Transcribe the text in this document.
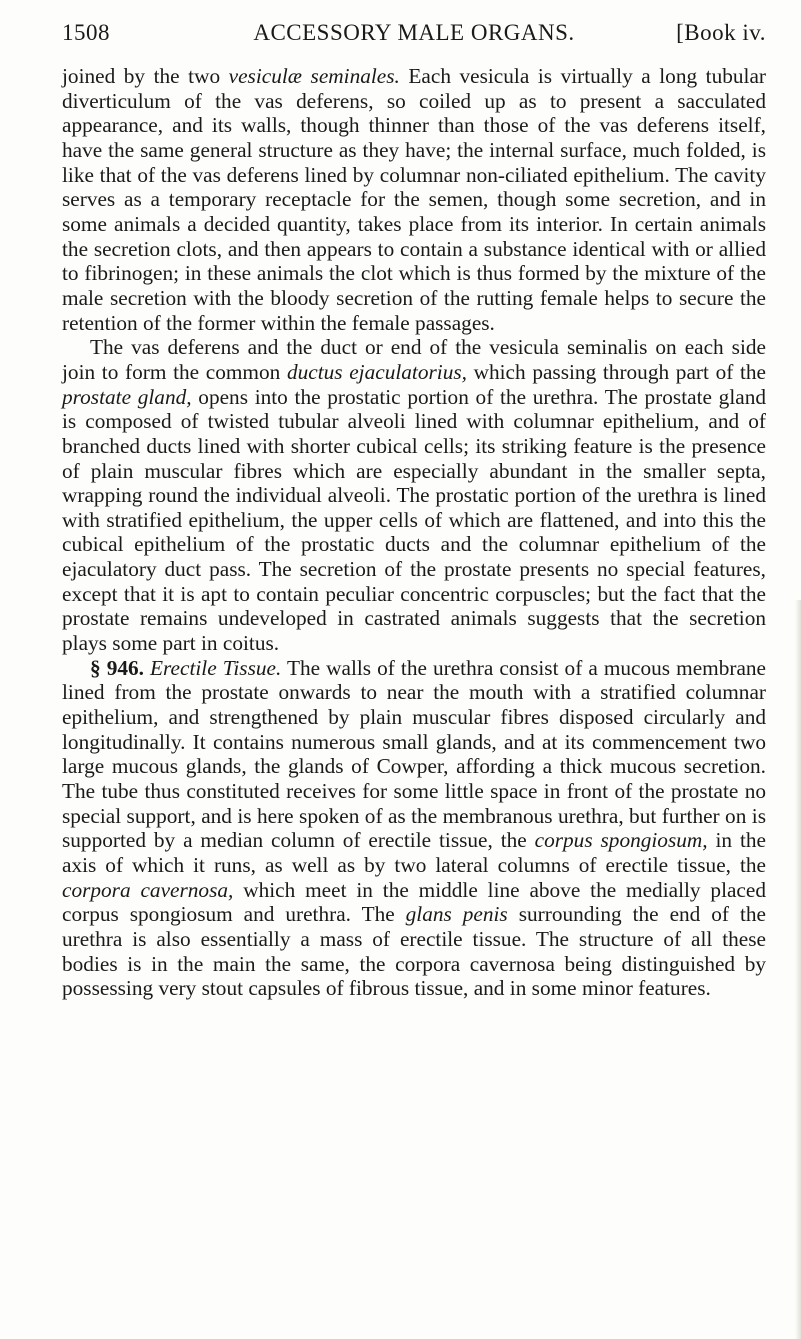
1508	ACCESSORY MALE ORGANS.	[Book iv.

joined by the two vesiculæ seminales. Each vesicula is virtually a long tubular diverticulum of the vas deferens, so coiled up as to present a sacculated appearance, and its walls, though thinner than those of the vas deferens itself, have the same general structure as they have; the internal surface, much folded, is like that of the vas deferens lined by columnar non-ciliated epithelium. The cavity serves as a temporary receptacle for the semen, though some secretion, and in some animals a decided quantity, takes place from its interior. In certain animals the secretion clots, and then appears to contain a substance identical with or allied to fibrinogen; in these animals the clot which is thus formed by the mixture of the male secretion with the bloody secretion of the rutting female helps to secure the retention of the former within the female passages.

The vas deferens and the duct or end of the vesicula seminalis on each side join to form the common ductus ejaculatorius, which passing through part of the prostate gland, opens into the prostatic portion of the urethra. The prostate gland is composed of twisted tubular alveoli lined with columnar epithelium, and of branched ducts lined with shorter cubical cells; its striking feature is the presence of plain muscular fibres which are especially abundant in the smaller septa, wrapping round the individual alveoli. The prostatic portion of the urethra is lined with stratified epithelium, the upper cells of which are flattened, and into this the cubical epithelium of the prostatic ducts and the columnar epithelium of the ejaculatory duct pass. The secretion of the prostate presents no special features, except that it is apt to contain peculiar concentric corpuscles; but the fact that the prostate remains undeveloped in castrated animals suggests that the secretion plays some part in coitus.

§ 946. Erectile Tissue. The walls of the urethra consist of a mucous membrane lined from the prostate onwards to near the mouth with a stratified columnar epithelium, and strengthened by plain muscular fibres disposed circularly and longitudinally. It contains numerous small glands, and at its commencement two large mucous glands, the glands of Cowper, affording a thick mucous secretion. The tube thus constituted receives for some little space in front of the prostate no special support, and is here spoken of as the membranous urethra, but further on is supported by a median column of erectile tissue, the corpus spongiosum, in the axis of which it runs, as well as by two lateral columns of erectile tissue, the corpora cavernosa, which meet in the middle line above the medially placed corpus spongiosum and urethra. The glans penis surrounding the end of the urethra is also essentially a mass of erectile tissue. The structure of all these bodies is in the main the same, the corpora cavernosa being distinguished by possessing very stout capsules of fibrous tissue, and in some minor features.
